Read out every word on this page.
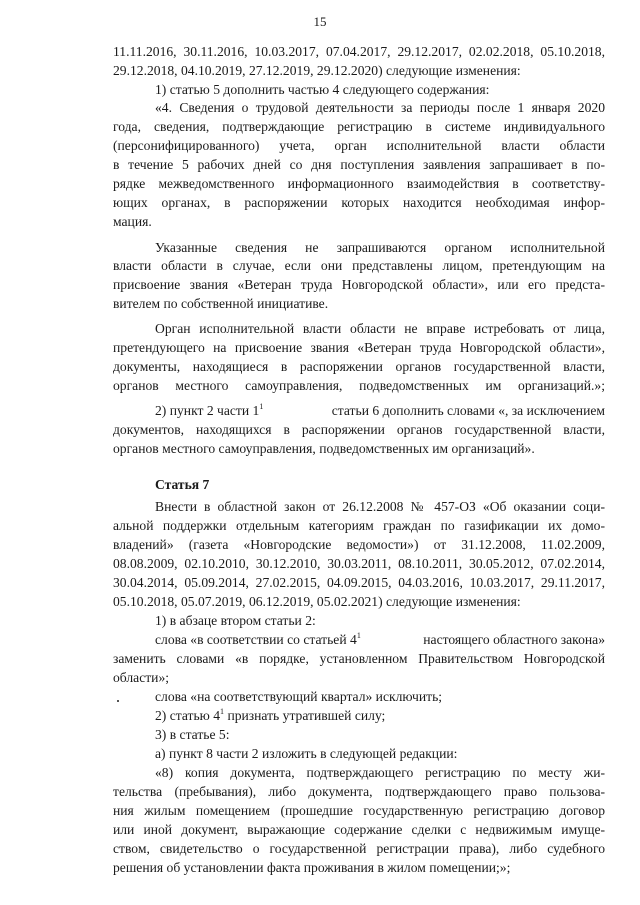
15
11.11.2016, 30.11.2016, 10.03.2017, 07.04.2017, 29.12.2017, 02.02.2018, 05.10.2018,
29.12.2018, 04.10.2019, 27.12.2019, 29.12.2020) следующие изменения:
1) статью 5 дополнить частью 4 следующего содержания:
«4. Сведения о трудовой деятельности за периоды после 1 января 2020
года, сведения, подтверждающие регистрацию в системе индивидуального
(персонифицированного) учета, орган исполнительной власти области
в течение 5 рабочих дней со дня поступления заявления запрашивает в по-
рядке межведомственного информационного взаимодействия в соответству-
ющих органах, в распоряжении которых находится необходимая инфор-
мация.
Указанные сведения не запрашиваются органом исполнительной
власти области в случае, если они представлены лицом, претендующим на
присвоение звания «Ветеран труда Новгородской области», или его предста-
вителем по собственной инициативе.
Орган исполнительной власти области не вправе истребовать от лица,
претендующего на присвоение звания «Ветеран труда Новгородской области»,
документы, находящиеся в распоряжении органов государственной власти,
органов местного самоуправления, подведомственных им организаций.»;
2) пункт 2 части $1^1$	статьи 6 дополнить словами «, за исключением
документов, находящихся в распоряжении органов государственной власти,
органов местного самоуправления, подведомственных им организаций».
Статья 7
Внести в областной закон от 26.12.2008 № 457-ОЗ «Об оказании соци-
альной поддержки отдельным категориям граждан по газификации их домо-
владений» (газета «Новгородские ведомости») от 31.12.2008, 11.02.2009,
08.08.2009, 02.10.2010, 30.12.2010, 30.03.2011, 08.10.2011, 30.05.2012, 07.02.2014,
30.04.2014, 05.09.2014, 27.02.2015, 04.09.2015, 04.03.2016, 10.03.2017, 29.11.2017,
05.10.2018, 05.07.2019, 06.12.2019, 05.02.2021) следующие изменения:
1) в абзаце втором статьи 2:
слова «в соответствии со статьей $4^1$	настоящего областного закона»
заменить словами «в порядке, установленном Правительством Новгородской
области»;
слова «на соответствующий квартал» исключить;
2) статью $4^1$ признать утратившей силу;
3) в статье 5:
а) пункт 8 части 2 изложить в следующей редакции:
«8) копия документа, подтверждающего регистрацию по месту жи-
тельства (пребывания), либо документа, подтверждающего право пользова-
ния жилым помещением (прошедшие государственную регистрацию договор
или иной документ, выражающие содержание сделки с недвижимым имуще-
ством, свидетельство о государственной регистрации права), либо судебного
решения об установлении факта проживания в жилом помещении;»;
